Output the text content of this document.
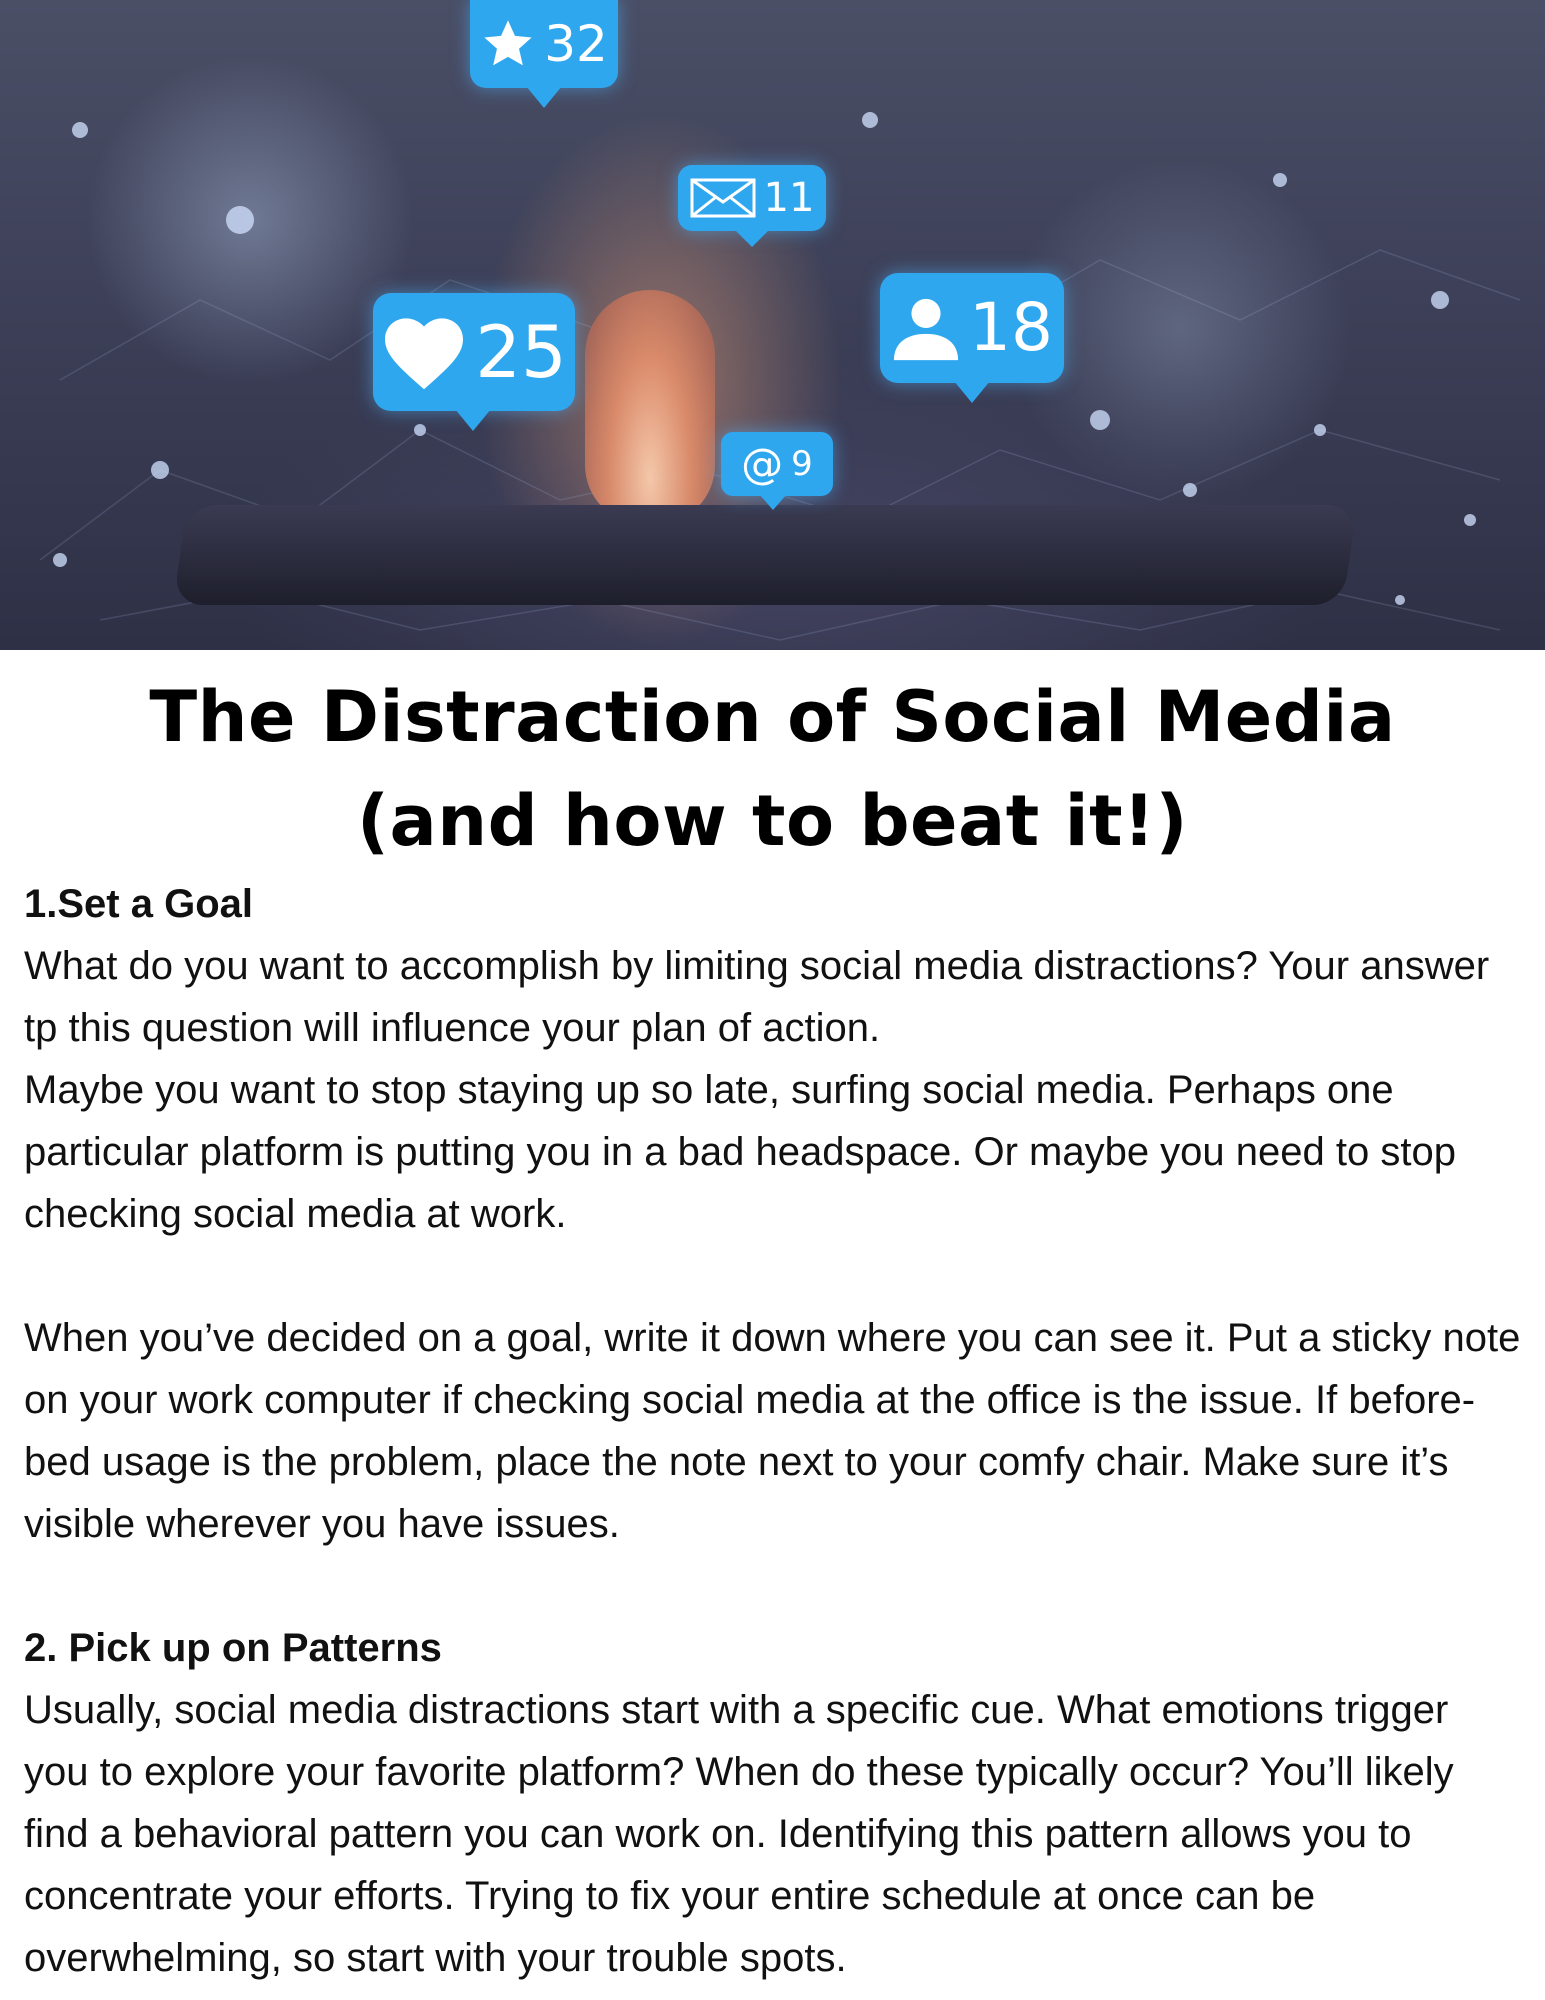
32
11
25	18
@ 9
The Distraction of Social Media
(and how to beat it!)

1.Set a Goal

What do you want to accomplish by limiting social media distractions? Your answer tp this question will influence your plan of action.

Maybe you want to stop staying up so late, surfing social media. Perhaps one particular platform is putting you in a bad headspace. Or maybe you need to stop checking social media at work.

When you’ve decided on a goal, write it down where you can see it. Put a sticky note on your work computer if checking social media at the office is the issue. If before-bed usage is the problem, place the note next to your comfy chair. Make sure it’s visible wherever you have issues.

2. Pick up on Patterns

Usually, social media distractions start with a specific cue. What emotions trigger you to explore your favorite platform? When do these typically occur? You’ll likely find a behavioral pattern you can work on. Identifying this pattern allows you to concentrate your efforts. Trying to fix your entire schedule at once can be overwhelming, so start with your trouble spots.
